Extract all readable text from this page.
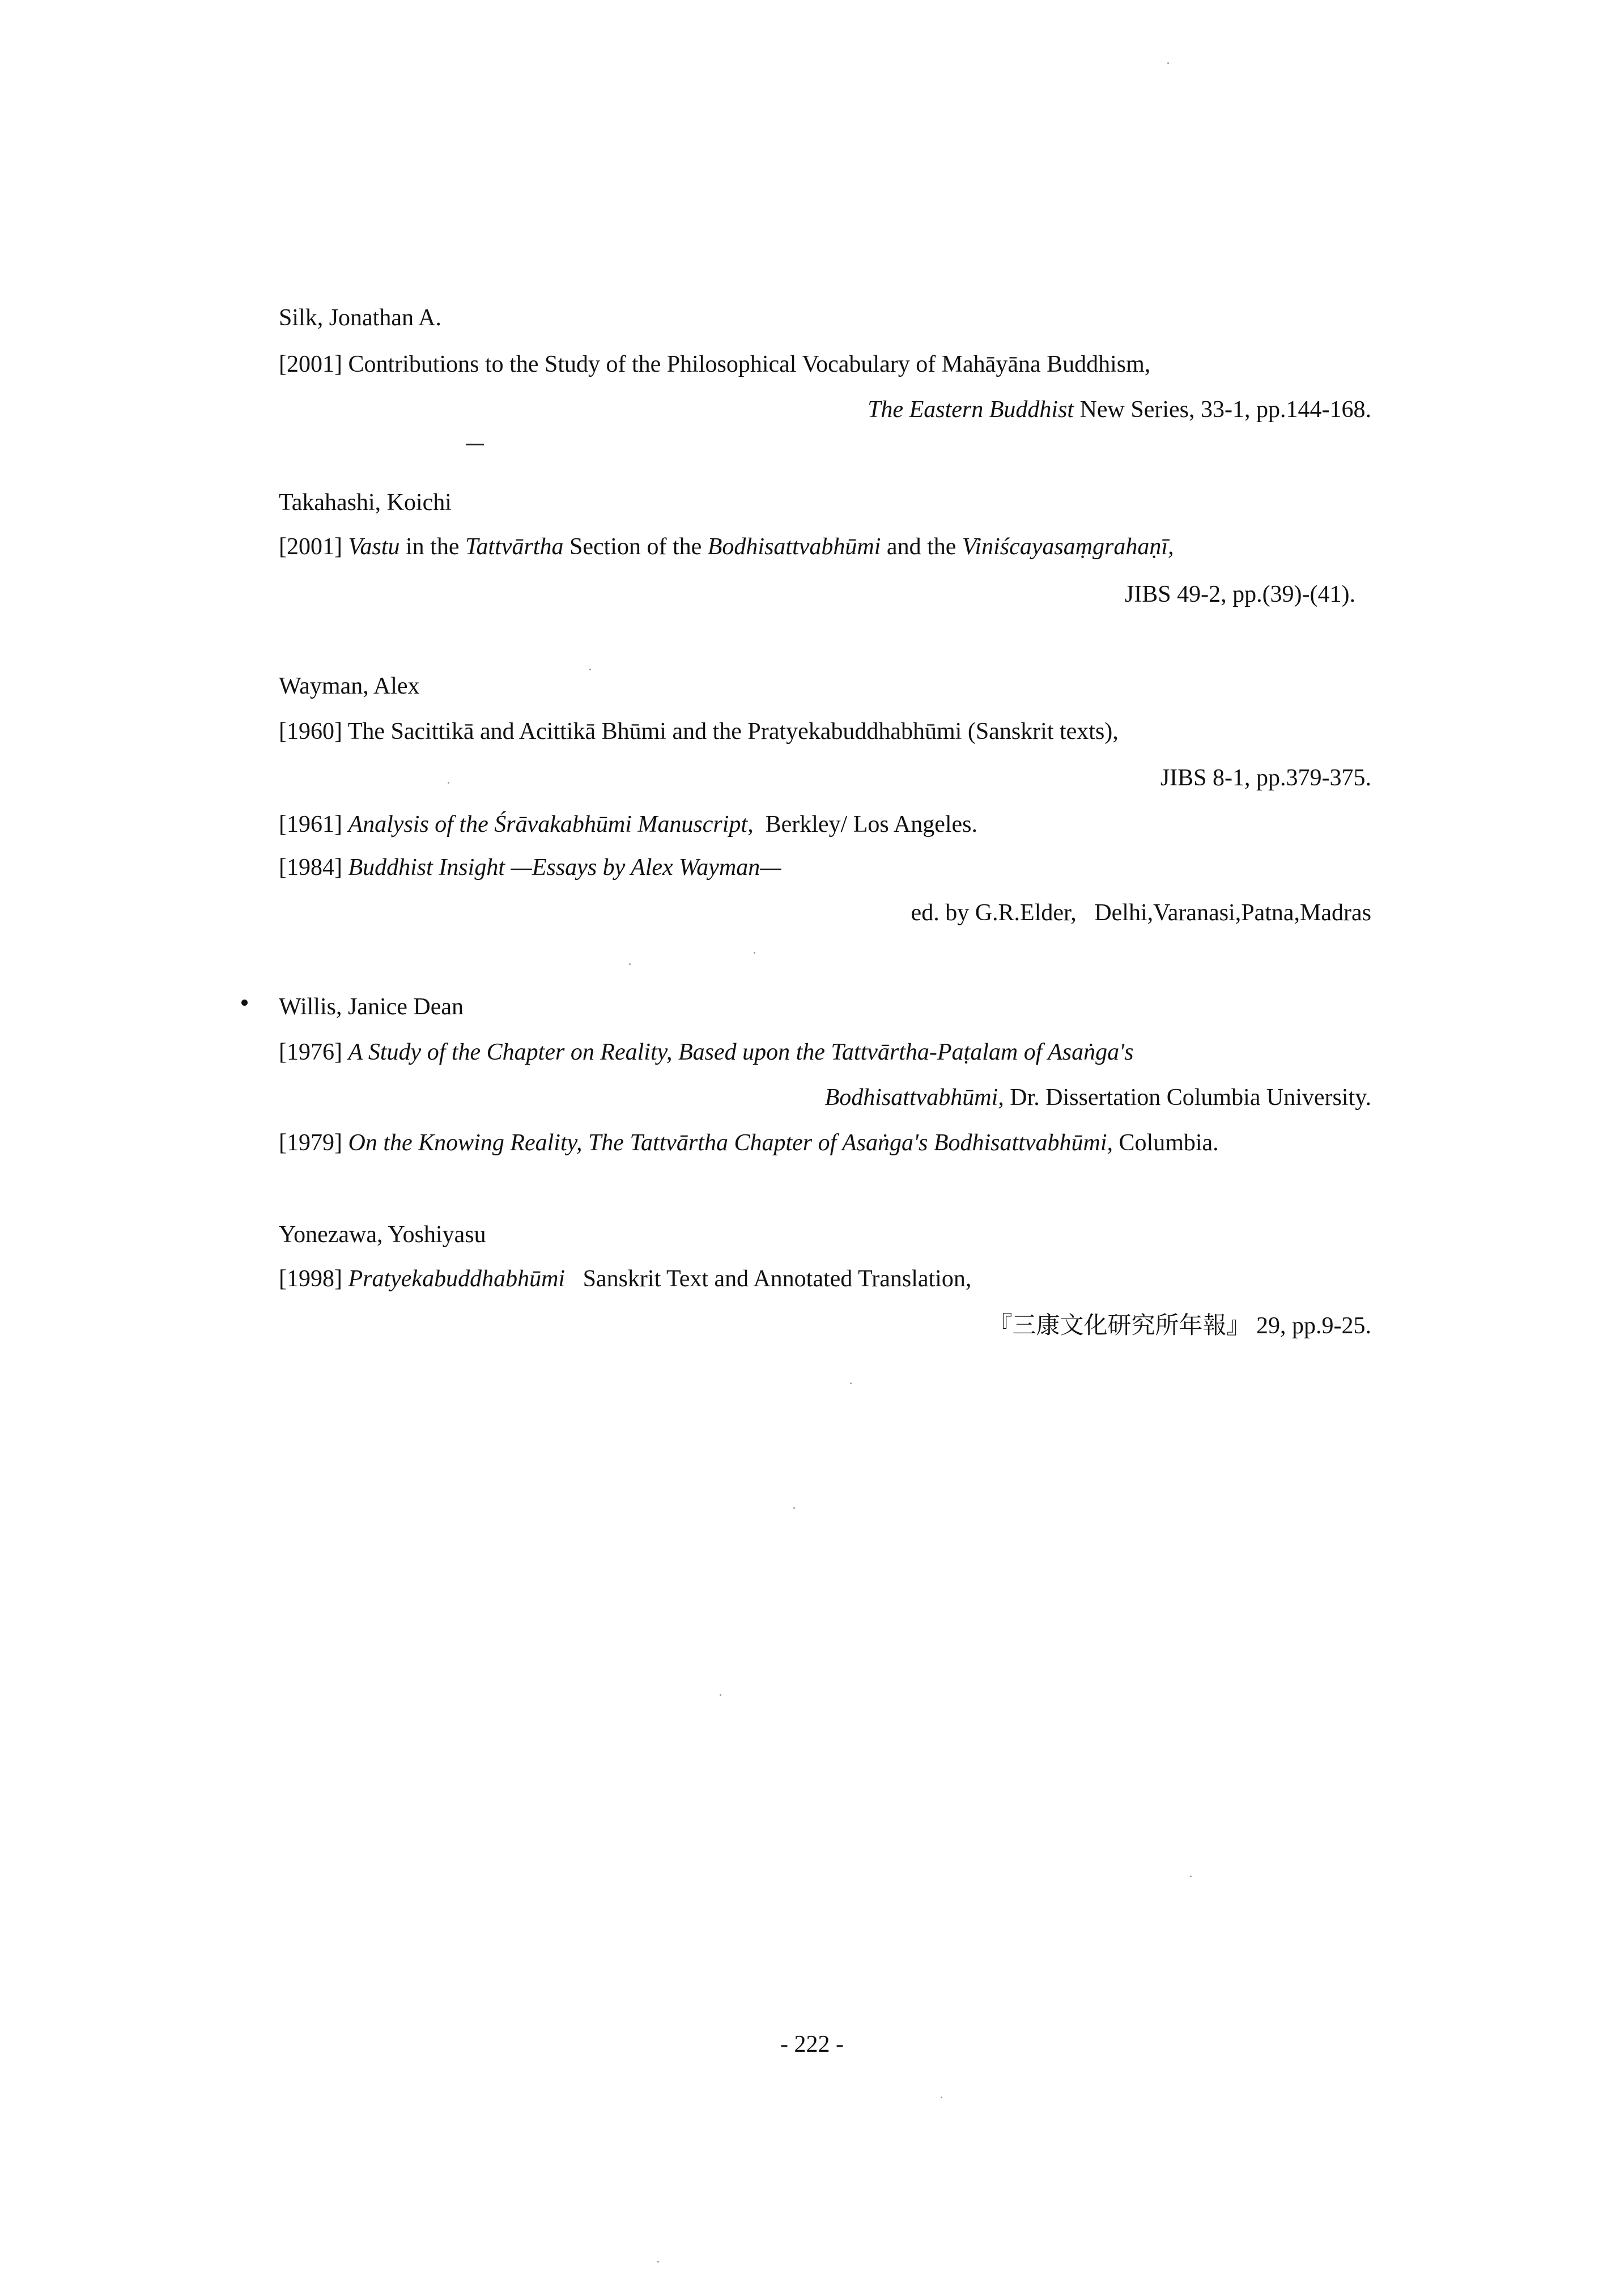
Silk, Jonathan A.
[2001] Contributions to the Study of the Philosophical Vocabulary of Mahāyāna Buddhism,
The Eastern Buddhist New Series, 33-1, pp.144-168.
Takahashi, Koichi
[2001] Vastu in the Tattvārtha Section of the Bodhisattvabhūmi and the Viniścayasaṃgrahaṇī,
JIBS 49-2, pp.(39)-(41).
Wayman, Alex
[1960] The Sacittikā and Acittikā Bhūmi and the Pratyekabuddhabhūmi (Sanskrit texts),
JIBS 8-1, pp.379-375.
[1961] Analysis of the Śrāvakabhūmi Manuscript, Berkley/ Los Angeles.
[1984] Buddhist Insight —Essays by Alex Wayman—
ed. by G.R.Elder, Delhi,Varanasi,Patna,Madras
Willis, Janice Dean
[1976] A Study of the Chapter on Reality, Based upon the Tattvārtha-Paṭalam of Asaṅga's
Bodhisattvabhūmi, Dr. Dissertation Columbia University.
[1979] On the Knowing Reality, The Tattvārtha Chapter of Asaṅga's Bodhisattvabhūmi, Columbia.
Yonezawa, Yoshiyasu
[1998] Pratyekabuddhabhūmi Sanskrit Text and Annotated Translation,
『三康文化研究所年報』 29, pp.9-25.
- 222 -
